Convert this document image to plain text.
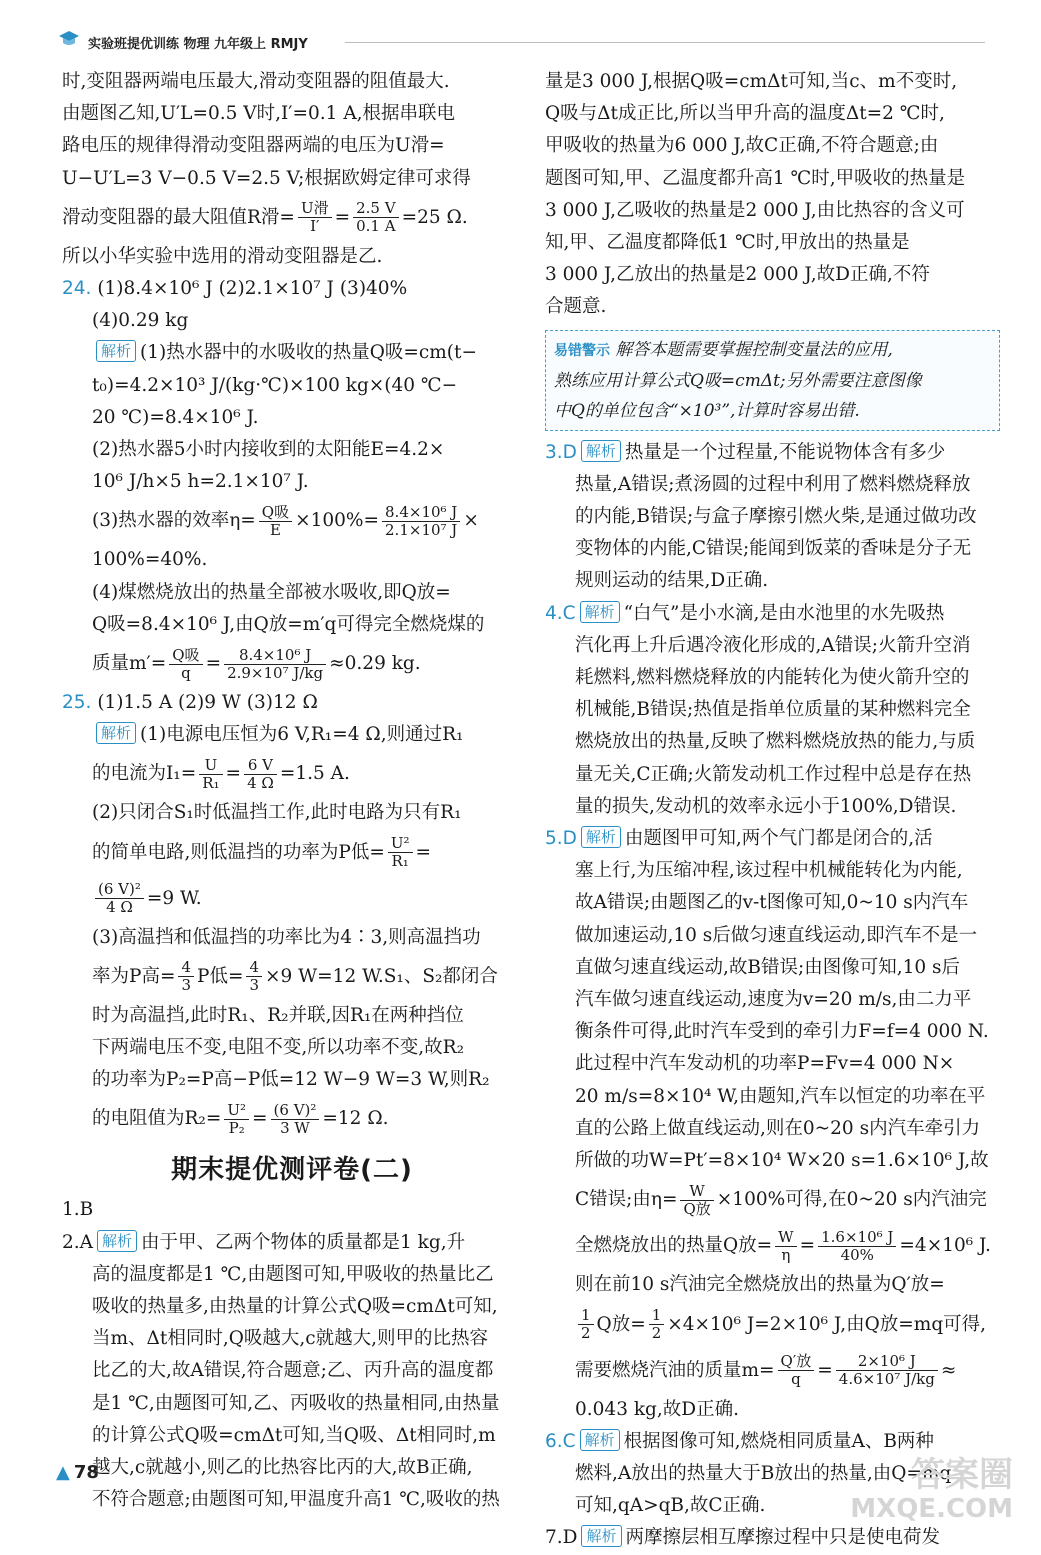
实验班提优训练 物理 九年级上 RMJY

时,变阻器两端电压最大,滑动变阻器的阻值最大.

由题图乙知,U′L=0.5 V时,I′=0.1 A,根据串联电

路电压的规律得滑动变阻器两端的电压为U滑=

U−U′L=3 V−0.5 V=2.5 V;根据欧姆定律可求得

滑动变阻器的最大阻值R滑= $\frac{\text{U滑}}{I'} = \frac{2.5 V}{0.1 A} =25$ Ω.

所以小华实验中选用的滑动变阻器是乙.

24. (1)8.4×10⁶ J (2)2.1×10⁷ J (3)40%

(4)0.29 kg

解析 (1)热水器中的水吸收的热量Q吸=cm(t−

t₀)=4.2×10³ J/(kg·℃)×100 kg×(40 ℃−

20 ℃)=8.4×10⁶ J.

(2)热水器5小时内接收到的太阳能E=4.2×

10⁶ J/h×5 h=2.1×10⁷ J.

(3)热水器的效率$\eta= \frac{\text{Q吸}}{E} \times 100\%= \frac{\text{8.4×10⁶ J}}{\text{2.1×10⁷ J}}$ ×

100%=40%.

(4)煤燃烧放出的热量全部被水吸收,即Q放=

Q吸=8.4×10⁶ J,由Q放=m′q可得完全燃烧煤的

质量$m'= \frac{\text{Q吸}}{q} = \frac{\text{8.4×10⁶ J}}{\text{2.9×10⁷ J/kg}} \approx 0.29$ kg.

25. (1)1.5 A (2)9 W (3)12 Ω

解析 (1)电源电压恒为6 V,R₁=4 Ω,则通过R₁

的电流为$I_1= \frac{U}{\text{R₁}} = \frac{6 V}{4 \Omega} =1.5$ A.

(2)只闭合S₁时低温挡工作,此时电路为只有R₁

的简单电路,则低温挡的功率为P低= $\frac{\text{U²}}{\text{R₁}}$ =

$\frac{\text{(6 V)²}}{4 \Omega} =9$ W.

(3)高温挡和低温挡的功率比为4∶3,则高温挡功

率为P高= $\frac{4}{3}$ P低= $\frac{4}{3} \times 9$ W=12 W.S₁、S₂都闭合

时为高温挡,此时R₁、R₂并联,因R₁在两种挡位

下两端电压不变,电阻不变,所以功率不变,故R₂

的功率为P₂=P高−P低=12 W−9 W=3 W,则R₂

的电阻值为$R_2= \frac{\text{U²}}{\text{P₂}} = \frac{\text{(6 V)²}}{3 W} =12$ Ω.

期末提优测评卷(二)

1.B

2.A 解析 由于甲、乙两个物体的质量都是1 kg,升

高的温度都是1 ℃,由题图可知,甲吸收的热量比乙

吸收的热量多,由热量的计算公式Q吸=cmΔt可知,

当m、Δt相同时,Q吸越大,c就越大,则甲的比热容

比乙的大,故A错误,符合题意;乙、丙升高的温度都

是1 ℃,由题图可知,乙、丙吸收的热量相同,由热量

的计算公式Q吸=cmΔt可知,当Q吸、Δt相同时,m

越大,c就越小,则乙的比热容比丙的大,故B正确,

不符合题意;由题图可知,甲温度升高1 ℃,吸收的热

量是3 000 J,根据Q吸=cmΔt可知,当c、m不变时,

Q吸与Δt成正比,所以当甲升高的温度Δt=2 ℃时,

甲吸收的热量为6 000 J,故C正确,不符合题意;由

题图可知,甲、乙温度都升高1 ℃时,甲吸收的热量是

3 000 J,乙吸收的热量是2 000 J,由比热容的含义可

知,甲、乙温度都降低1 ℃时,甲放出的热量是

3 000 J,乙放出的热量是2 000 J,故D正确,不符

合题意.

易错警示 解答本题需要掌握控制变量法的应用,
熟练应用计算公式Q吸=cmΔt;另外需要注意图像
中Q的单位包含“×10³”,计算时容易出错.

3.D 解析 热量是一个过程量,不能说物体含有多少

热量,A错误;煮汤圆的过程中利用了燃料燃烧释放

的内能,B错误;与盒子摩擦引燃火柴,是通过做功改

变物体的内能,C错误;能闻到饭菜的香味是分子无

规则运动的结果,D正确.

4.C 解析 “白气”是小水滴,是由水池里的水先吸热

汽化再上升后遇冷液化形成的,A错误;火箭升空消

耗燃料,燃料燃烧释放的内能转化为使火箭升空的

机械能,B错误;热值是指单位质量的某种燃料完全

燃烧放出的热量,反映了燃料燃烧放热的能力,与质

量无关,C正确;火箭发动机工作过程中总是存在热

量的损失,发动机的效率永远小于100%,D错误.

5.D 解析 由题图甲可知,两个气门都是闭合的,活

塞上行,为压缩冲程,该过程中机械能转化为内能,

故A错误;由题图乙的v-t图像可知,0~10 s内汽车

做加速运动,10 s后做匀速直线运动,即汽车不是一

直做匀速直线运动,故B错误;由图像可知,10 s后

汽车做匀速直线运动,速度为v=20 m/s,由二力平

衡条件可得,此时汽车受到的牵引力F=f=4 000 N.

此过程中汽车发动机的功率P=Fv=4 000 N×

20 m/s=8×10⁴ W,由题知,汽车以恒定的功率在平

直的公路上做直线运动,则在0~20 s内汽车牵引力

所做的功W=Pt′=8×10⁴ W×20 s=1.6×10⁶ J,故

C错误;由$\eta= \frac{W}{\text{Q放}} \times 100\%$可得,在0~20 s内汽油完

全燃烧放出的热量Q放= $\frac{W}{\eta} = \frac{\text{1.6×10⁶ J}}{40\%} =4\times 10^6$ J.

则在前10 s汽油完全燃烧放出的热量为Q′放=

$\frac{1}{2}$ Q放= $\frac{1}{2} \times 4\times 10^6$ J=2×10⁶ J,由Q放=mq可得,

需要燃烧汽油的质量$m= \frac{\text{Q′放}}{q} = \frac{\text{2×10⁶ J}}{\text{4.6×10⁷ J/kg}}$ ≈

0.043 kg,故D正确.

6.C 解析 根据图像可知,燃烧相同质量A、B两种

燃料,A放出的热量大于B放出的热量,由Q=mq

可知,qA>qB,故C正确.

7.D 解析 两摩擦层相互摩擦过程中只是使电荷发

▲ 78	答案圈
MXQE.COM
